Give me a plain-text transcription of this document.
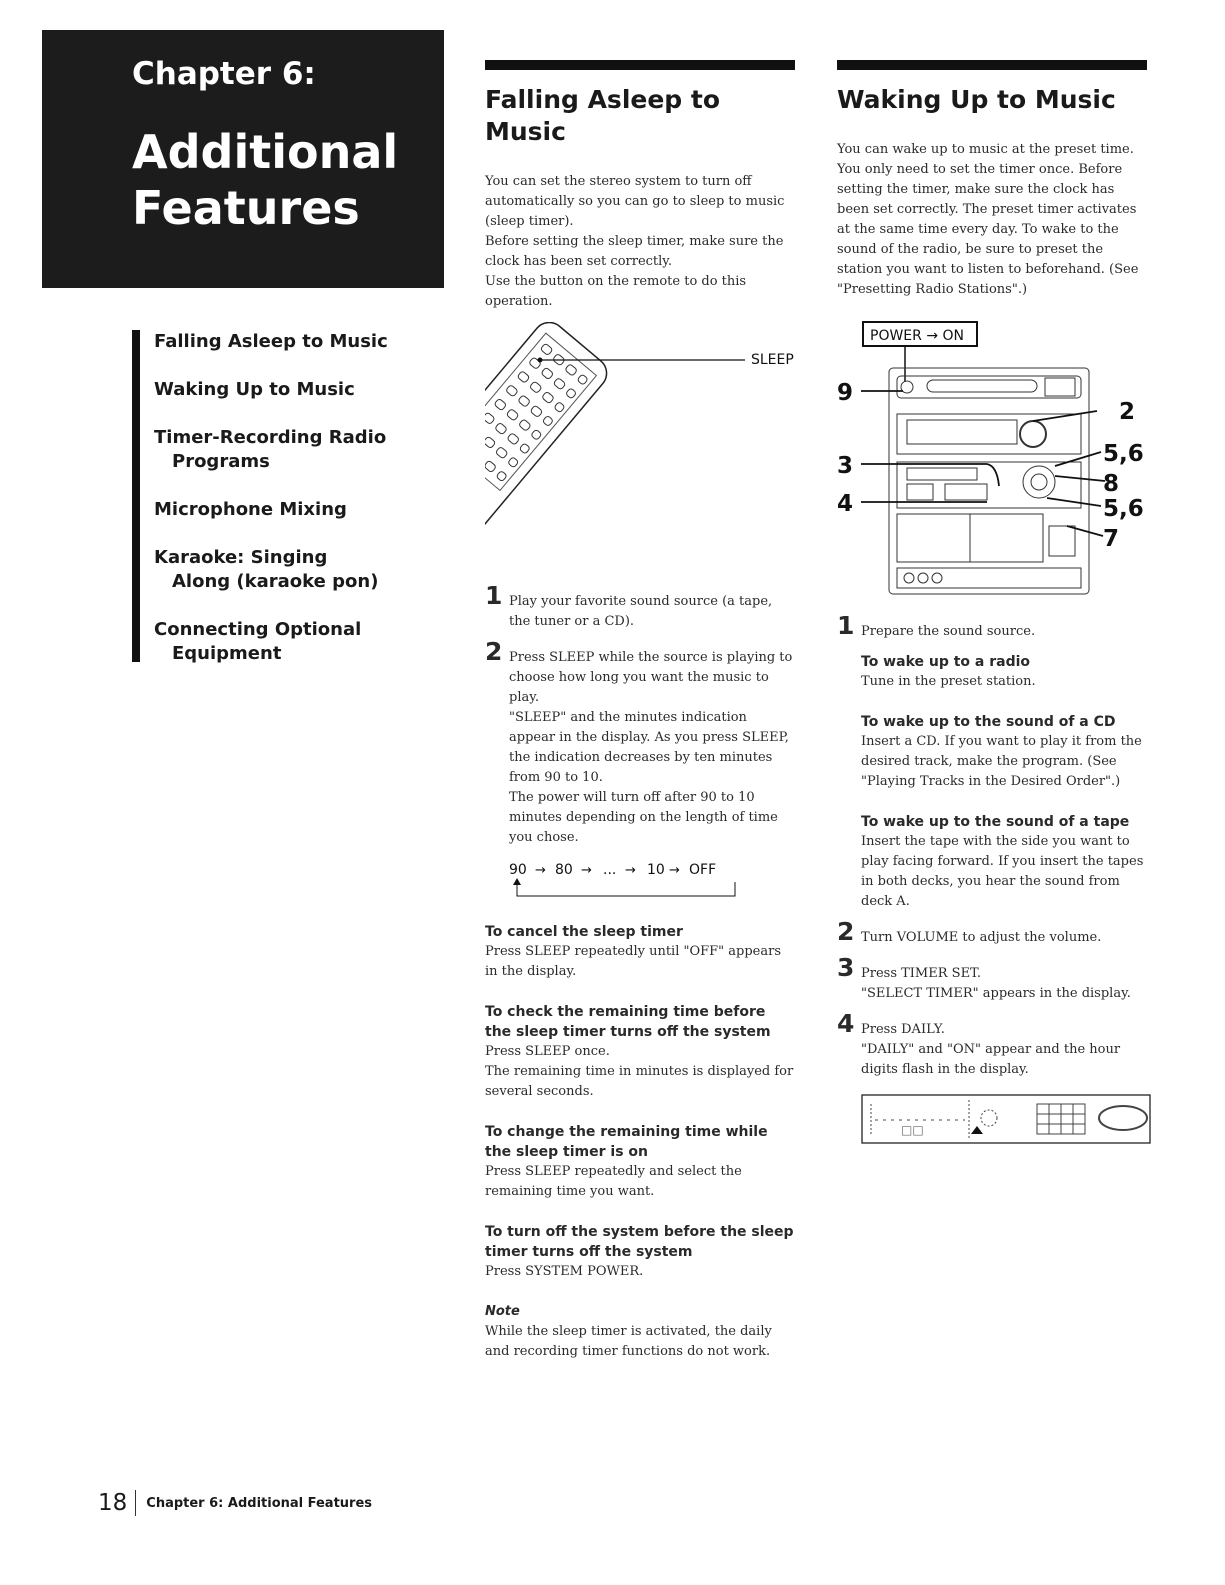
Chapter 6:
Additional
Features
Falling Asleep to Music
Waking Up to Music
Timer-Recording Radio
Programs
Microphone Mixing
Karaoke: Singing
Along (karaoke pon)
Connecting Optional
Equipment
Falling Asleep to Music
You can set the stereo system to turn off automatically so you can go to sleep to music (sleep timer).
Before setting the sleep timer, make sure the clock has been set correctly.
Use the button on the remote to do this operation.
SLEEP
1 Play your favorite sound source (a tape, the tuner or a CD).
2 Press SLEEP while the source is playing to choose how long you want the music to play.
"SLEEP" and the minutes indication appear in the display. As you press SLEEP, the indication decreases by ten minutes from 90 to 10.
The power will turn off after 90 to 10 minutes depending on the length of time you chose.
90 → 80 → ... → 10 → OFF
To cancel the sleep timer
Press SLEEP repeatedly until "OFF" appears in the display.
To check the remaining time before the sleep timer turns off the system
Press SLEEP once.
The remaining time in minutes is displayed for several seconds.
To change the remaining time while the sleep timer is on
Press SLEEP repeatedly and select the remaining time you want.
To turn off the system before the sleep timer turns off the system
Press SYSTEM POWER.
Note
While the sleep timer is activated, the daily and recording timer functions do not work.
Waking Up to Music
You can wake up to music at the preset time. You only need to set the timer once. Before setting the timer, make sure the clock has been set correctly. The preset timer activates at the same time every day. To wake to the sound of the radio, be sure to preset the station you want to listen to beforehand. (See "Presetting Radio Stations".)
POWER → ON
9
3
4
2
5,6
8
5,6
7
1 Prepare the sound source.
To wake up to a radio
Tune in the preset station.
To wake up to the sound of a CD
Insert a CD. If you want to play it from the desired track, make the program. (See "Playing Tracks in the Desired Order".)
To wake up to the sound of a tape
Insert the tape with the side you want to play facing forward. If you insert the tapes in both decks, you hear the sound from deck A.
2 Turn VOLUME to adjust the volume.
3 Press TIMER SET.
"SELECT TIMER" appears in the display.
4 Press DAILY.
"DAILY" and "ON" appear and the hour digits flash in the display.
□□
18	Chapter 6: Additional Features
